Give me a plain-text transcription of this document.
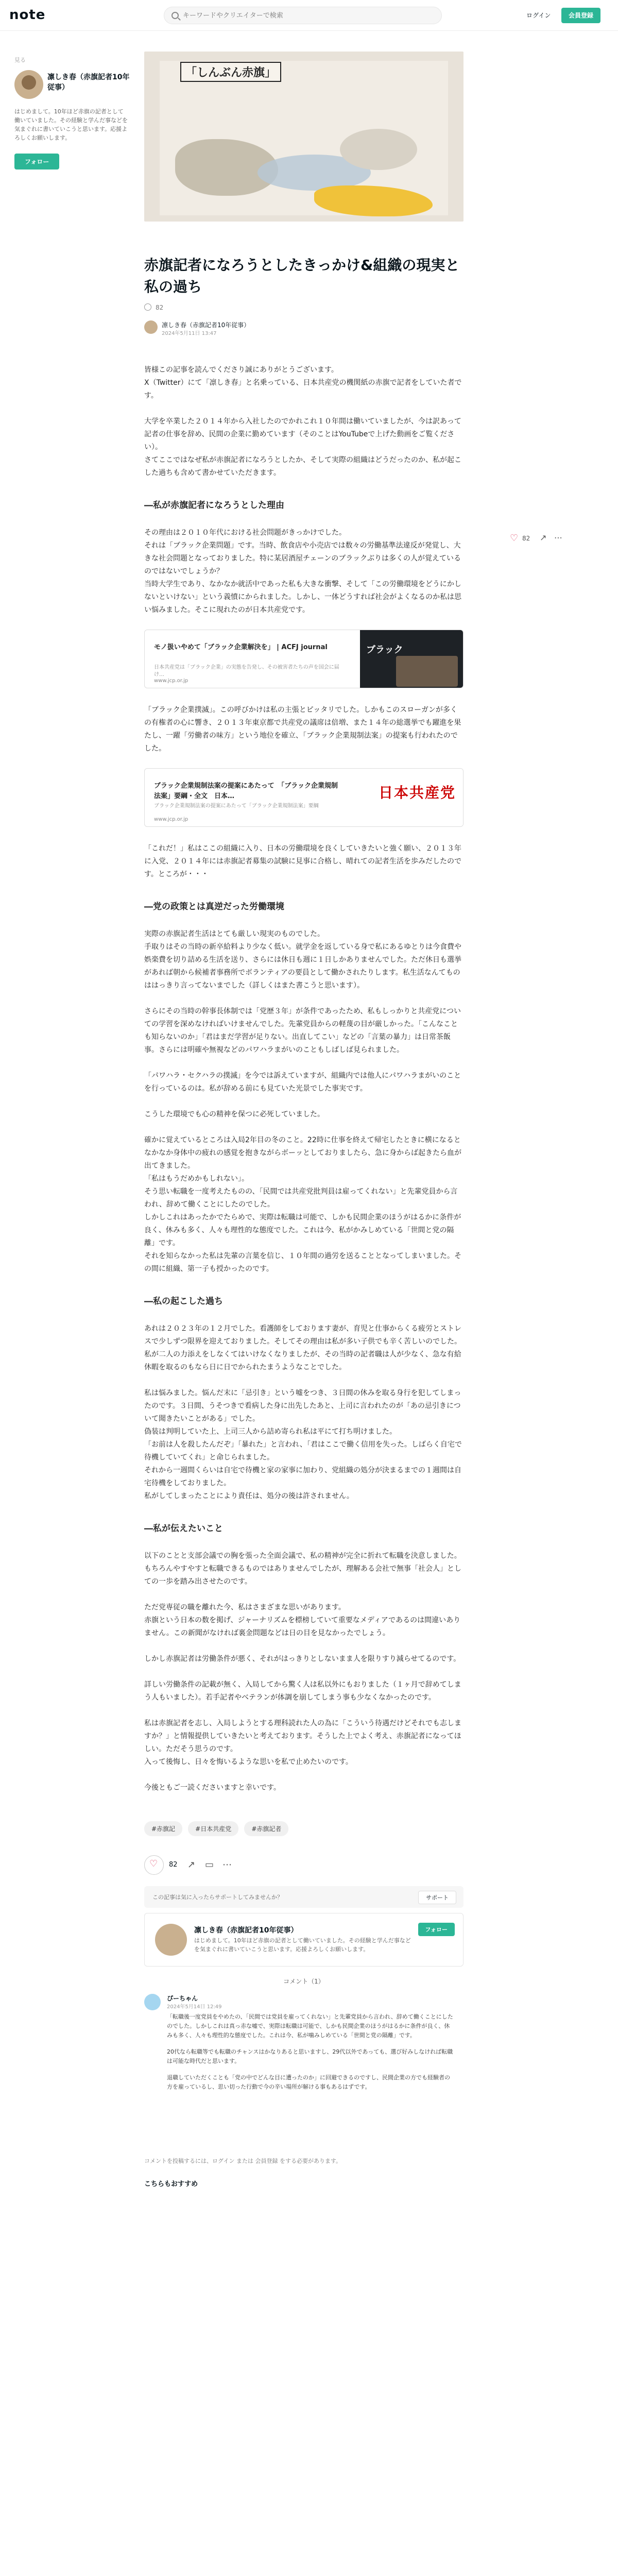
note
キーワードやクリエイターで検索	ログイン	会員登録
見る
凛しき春（赤旗記者10年従事）
はじめまして。10年ほど赤旗の記者として働いていました。その経験と学んだ事などを気まぐれに書いていこうと思います。応援よろしくお願いします。
フォロー
♡ 82 ↗ ⋯
「しんぶん赤旗」
赤旗記者になろうとしたきっかけ&組織の現実と私の過ち
82
凛しき春（赤旗記者10年従事）
2024年5月11日 13:47

皆様この記事を読んでくださり誠にありがとうございます。
X（Twitter）にて「凛しき春」と名乗っている、日本共産党の機関紙の赤旗で記者をしていた者です。

大学を卒業した２０１４年から入社したのでかれこれ１０年間は働いていましたが、今は訳あって記者の仕事を辞め、民間の企業に勤めています（そのことはYouTubeで上げた動画をご覧ください）。
さてここではなぜ私が赤旗記者になろうとしたか、そして実際の組織はどうだったのか、私が起こした過ちも含めて書かせていただきます。

―私が赤旗記者になろうとした理由

その理由は２０１０年代における社会問題がきっかけでした。
それは「ブラック企業問題」です。当時、飲食店や小売店では数々の労働基準法違反が発覚し、大きな社会問題となっておりました。特に某居酒屋チェーンのブラックぶりは多くの人が覚えているのではないでしょうか？
当時大学生であり、なかなか就活中であった私も大きな衝撃、そして「この労働環境をどうにかしないといけない」という義憤にかられました。しかし、一体どうすれば社会がよくなるのか私は思い悩みました。そこに現れたのが日本共産党です。

モノ扱いやめて「ブラック企業解決を」 | ACFJ journal
日本共産党は「ブラック企業」の実態を告発し、その被害者たちの声を国会に届け…
www.jcp.or.jp
ブラック

「ブラック企業撲滅」。この呼びかけは私の主張とピッタリでした。しかもこのスローガンが多くの有権者の心に響き、２０１３年東京都で共産党の議席は倍増、また１４年の総選挙でも躍進を果たし、一躍「労働者の味方」という地位を確立、「ブラック企業規制法案」の提案も行われたのでした。

ブラック企業規制法案の提案にあたって　「ブラック企業規制法案」要綱・全文　日本…
ブラック企業規制法案の提案にあたって「ブラック企業規制法案」要綱
www.jcp.or.jp
日本共産党

「これだ！」私はここの組織に入り、日本の労働環境を良くしていきたいと強く願い、２０１３年に入党、２０１４年には赤旗記者募集の試験に見事に合格し、晴れての記者生活を歩みだしたのです。ところが・・・

―党の政策とは真逆だった労働環境

実際の赤旗記者生活はとても厳しい現実のものでした。
手取りはその当時の新卒給料より少なく低い。就学金を返している身で私にあるゆとりは今食費や娯楽費を切り詰める生活を送り、さらには休日も週に１日しかありませんでした。ただ休日も選挙があれば朝から候補者事務所でボランティアの要員として働かされたりします。私生活なんてものははっきり言ってないまでした（詳しくはまた書こうと思います）。

さらにその当時の幹事長体制では「党歴３年」が条件であったため、私もしっかりと共産党についての学習を深めなければいけませんでした。先輩党員からの軽蔑の目が厳しかった。「こんなことも知らないのか」「君はまだ学習が足りない。出直してこい」などの「言葉の暴力」は日常茶飯事。さらには明確や無視などのパワハラまがいのこともしばしば見られました。

「パワハラ・セクハラの撲滅」を今では訴えていますが、組織内では他人にパワハラまがいのことを行っているのは。私が辞める前にも見ていた光景でした事実です。

こうした環境でも心の精神を保つに必死していました。

確かに覚えているところは入局2年目の冬のこと。22時に仕事を終えて帰宅したときに横になるとなかなか身体中の疲れの感覚を抱きながらボーッとしておりましたら、急に身からば起きたら血が出てきました。
「私はもうだめかもしれない」。
そう思い転職を一度考えたものの、「民間では共産党批判員は雇ってくれない」と先輩党員から言われ、辞めて働くことにしたのでした。
しかしこれはあったかでたらめで、実際は転職は可能で、しかも民間企業のほうがはるかに条件が良く、休みも多く、人々も理性的な態度でした。これは今、私がかみしめている「世間と党の隔離」です。
それを知らなかった私は先輩の言葉を信じ、１０年間の過労を送ることとなってしまいました。その間に組織、第一子も授かったのです。

―私の起こした過ち

あれは２０２３年の１２月でした。看護師をしております妻が、育児と仕事からくる疲労とストレスで少しずつ限界を迎えておりました。そしてその理由は私が多い子供でも辛く苦しいのでした。
私が二人の力添えをしなくてはいけなくなりましたが、その当時の記者職は人が少なく、急な有給休暇を取るのもなら日に日でかられたまうようなことでした。

私は悩みました。悩んだ末に「忌引き」という嘘をつき、３日間の休みを取る身行を犯してしまったのです。３日間、うそつきで看病した身に出先したあと、上司に言われたのが「あの忌引きについて聞きたいことがある」でした。
偽装は判明していた上、上司三人から詰め寄られ私は平にて打ち明けました。
「お前は人を殺したんだぞ」「暴れた」と言われ、「君はここで働く信用を失った。しばらく自宅で待機していてくれ」と命じられました。
それから一週間くらいは自宅で待機と家の家事に加わり、党組織の処分が決まるまでの１週間は自宅待機をしておりました。
私がしてしまったことにより責任は、処分の後は許されません。

―私が伝えたいこと

以下のことと支部会議での胸を張った全面会議で、私の精神が完全に折れて転職を決意しました。もちろんやすやすと転職できるものではありませんでしたが、理解ある会社で無事「社会人」としての一歩を踏み出させたのです。

ただ党専従の職を離れた今、私はさまざまな思いがあります。
赤旗という日本の数を掲げ、ジャーナリズムを標榜していて重要なメディアであるのは間違いありません。この新聞がなければ裏金問題などは日の目を見なかったでしょう。

しかし赤旗記者は労働条件が悪く、それがはっきりとしないまま人を限りすり減らせてるのです。

詳しい労働条件の記載が無く、入局してから驚く人は私以外にもおりました（１ヶ月で辞めてしまう人もいました）。若手記者やベテランが体調を崩してしまう事も少なくなかったのです。

私は赤旗記者を志し、入局しようとする理科読れた人の為に「こういう待遇だけどそれでも志しますか？」と情報提供していきたいと考えております。そうした上でよく考え、赤旗記者になってほしい。ただそう思うのです。
入って後悔し、日々を悔いるような思いを私で止めたいのです。

今後ともご一読くださいますと幸いです。

#赤旗記	#日本共産党	#赤旗記者
♡
82 ↗ ▭ ⋯
この記事は気に入ったらサポートしてみませんか？	サポート
凛しき春（赤旗記者10年従事）
はじめまして。10年ほど赤旗の記者として働いていました。その経験と学んだ事などを気まぐれに書いていこうと思います。応援よろしくお願いします。
フォロー
コメント（1）
ぴーちゃん
2024年5月14日 12:49

「転職後一度党員をやめたの、「民間では党員を雇ってくれない」と先輩党員から言われ、辞めて働くことにしたのでした。しかしこれは真っ赤な嘘で、実際は転職は可能で、しかも民間企業のほうがはるかに条件が良く、休みも多く、人々も理性的な態度でした。これは今、私が噛みしめている「世間と党の隔離」です。

20代なら転職等でも転職のチャンスはかなりあると思いますし、29代以外であっても、選び好みしなければ転職は可能な時代だと思います。

退職していただくことも「党の中でどんな目に遭ったのか」に回避できるのですし、民間企業の方でも経験者の方を雇っているし、思い切った行動で今の辛い場所が解ける事もあるはずです。

コメントを投稿するには、ログイン または 会員登録 をする必要があります。
こちらもおすすめ
